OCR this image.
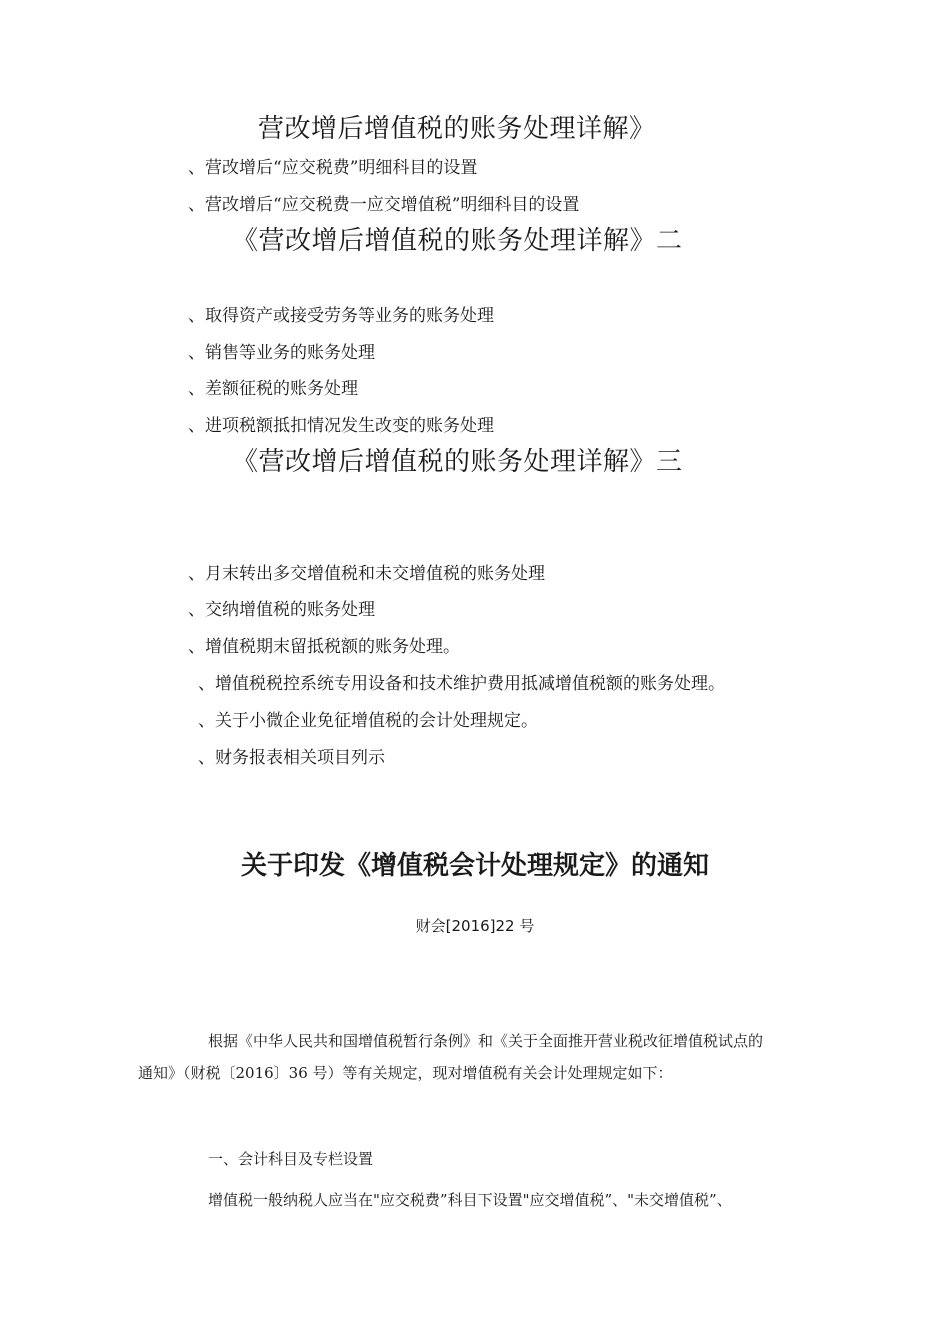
营改增后增值税的账务处理详解》
、营改增后“应交税费”明细科目的设置
、营改增后“应交税费一应交增值税”明细科目的设置
《营改增后增值税的账务处理详解》二
、取得资产或接受劳务等业务的账务处理
、销售等业务的账务处理
、差额征税的账务处理
、进项税额抵扣情况发生改变的账务处理
《营改增后增值税的账务处理详解》三
、月末转出多交增值税和未交增值税的账务处理
、交纳增值税的账务处理
、增值税期末留抵税额的账务处理。
、增值税税控系统专用设备和技术维护费用抵减增值税额的账务处理。
、关于小微企业免征增值税的会计处理规定。
、财务报表相关项目列示
关于印发《增值税会计处理规定》的通知
财会[2016]22 号
根据《中华人民共和国增值税暂行条例》和《关于全面推开营业税改征增值税试点的
通知》（财税〔2016〕36 号）等有关规定，现对增值税有关会计处理规定如下：
一、会计科目及专栏设置
增值税一般纳税人应当在"应交税费”科目下设置"应交增值税”、"未交增值税”、
